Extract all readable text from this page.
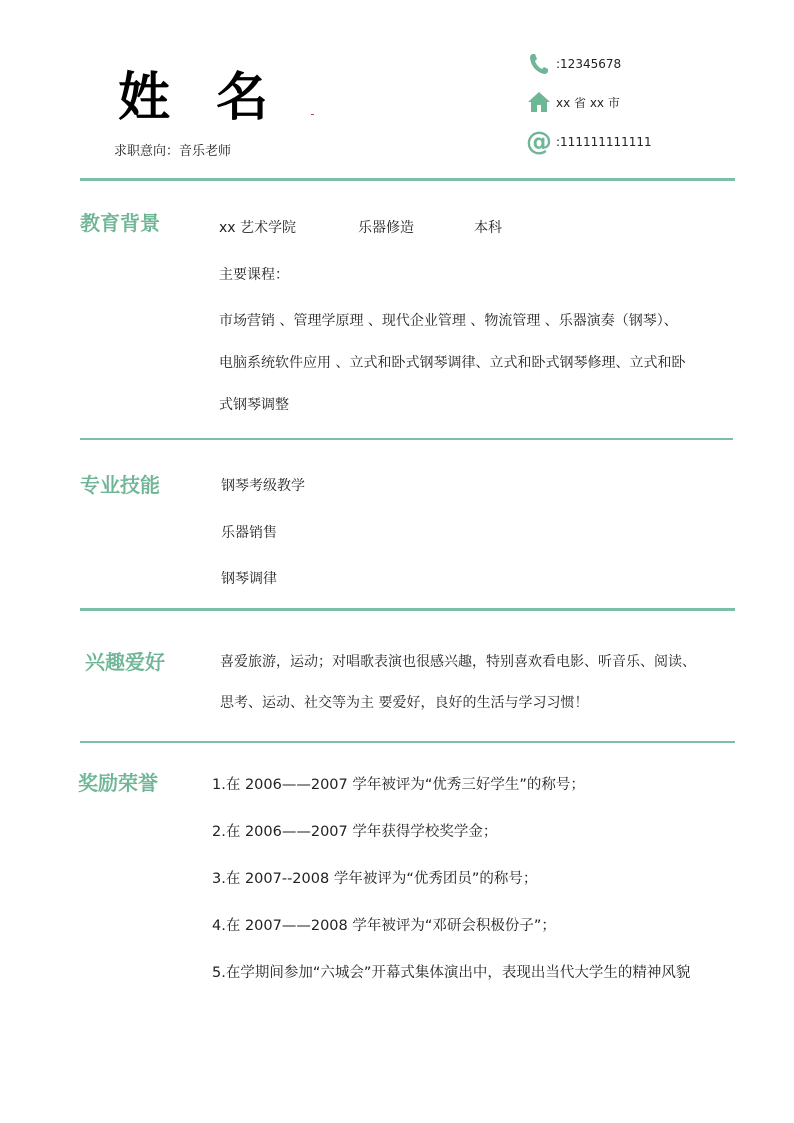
姓 名
求职意向：音乐老师
:12345678
xx 省 xx 市
@ :111111111111
教育背景	xx 艺术学院	乐器修造	本科
主要课程：
市场营销 、管理学原理 、现代企业管理 、物流管理 、乐器演奏（钢琴）、
电脑系统软件应用 、立式和卧式钢琴调律、立式和卧式钢琴修理、立式和卧
式钢琴调整
专业技能	钢琴考级教学
乐器销售
钢琴调律
兴趣爱好	喜爱旅游，运动；对唱歌表演也很感兴趣，特别喜欢看电影、听音乐、阅读、
思考、运动、社交等为主 要爱好，良好的生活与学习习惯！
奖励荣誉	1.在 2006——2007 学年被评为“优秀三好学生”的称号；
2.在 2006——2007 学年获得学校奖学金；
3.在 2007--2008 学年被评为“优秀团员”的称号；
4.在 2007——2008 学年被评为“邓研会积极份子”；
5.在学期间参加“六城会”开幕式集体演出中，表现出当代大学生的精神风貌
